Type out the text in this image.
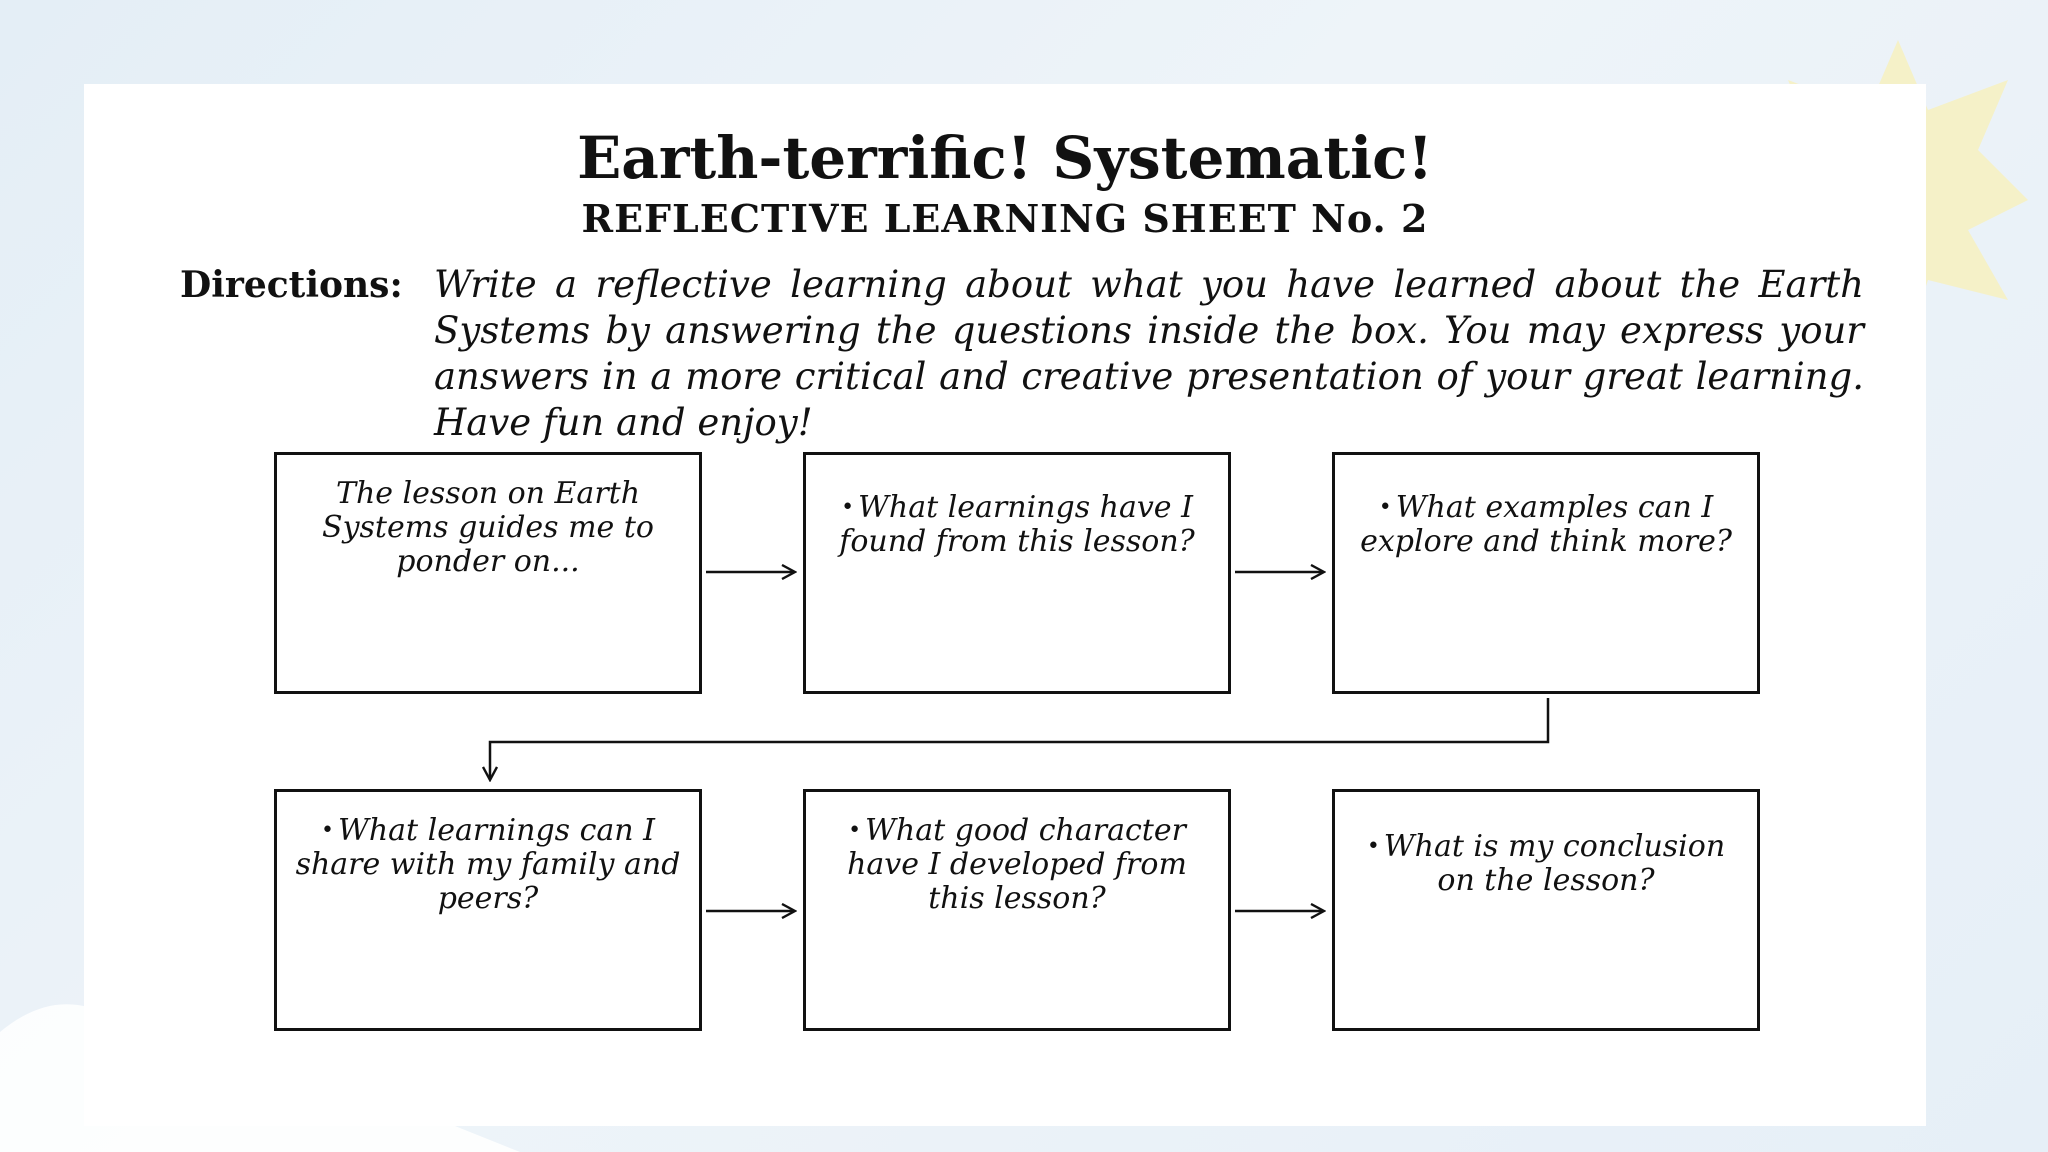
Earth-terrific! Systematic!
REFLECTIVE LEARNING SHEET No. 2
Directions: Write a reflective learning about what you have learned about the Earth Systems by answering the questions inside the box. You may express your answers in a more critical and creative presentation of your great learning. Have fun and enjoy!
The lesson on Earth Systems guides me to ponder on...
• What learnings have I found from this lesson?
• What examples can I explore and think more?
• What learnings can I share with my family and peers?
• What good character have I developed from this lesson?
• What is my conclusion on the lesson?
